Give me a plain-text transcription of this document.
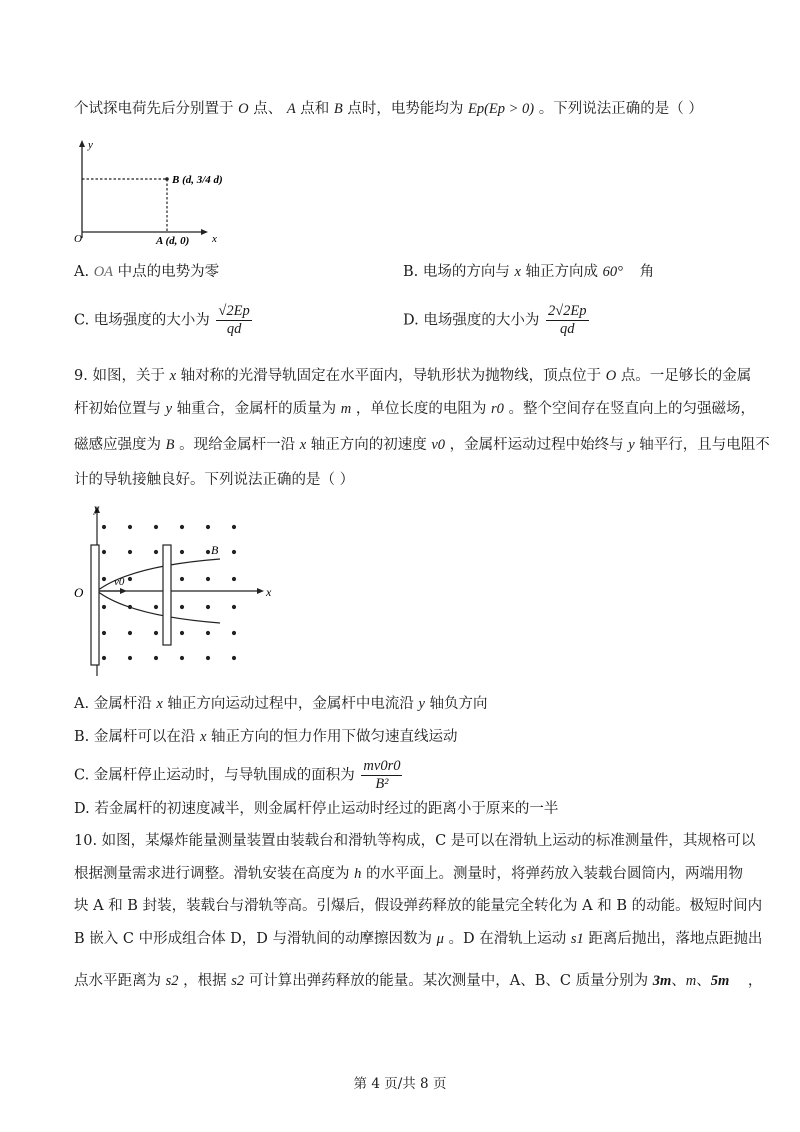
个试探电荷先后分别置于 O 点、 A 点和 B 点时，电势能均为 Ep(Ep > 0) 。下列说法正确的是（ ）
y
x
O
B (d, 3/4 d)
A (d, 0)
A. OA 中点的电势为零	B. 电场的方向与 x 轴正方向成 60° 角
C. 电场强度的大小为 $\frac{√2Ep}{qd}$	D. 电场强度的大小为 $\frac{2√2Ep}{qd}$
9. 如图，关于 x 轴对称的光滑导轨固定在水平面内，导轨形状为抛物线，顶点位于 O 点。一足够长的金属
杆初始位置与 y 轴重合，金属杆的质量为 m ，单位长度的电阻为 r0 。整个空间存在竖直向上的匀强磁场，
磁感应强度为 B 。现给金属杆一沿 x 轴正方向的初速度 v0 ，金属杆运动过程中始终与 y 轴平行，且与电阻不
计的导轨接触良好。下列说法正确的是（ ）
y
x
O
B
v0
A. 金属杆沿 x 轴正方向运动过程中，金属杆中电流沿 y 轴负方向
B. 金属杆可以在沿 x 轴正方向的恒力作用下做匀速直线运动
C. 金属杆停止运动时，与导轨围成的面积为 $\frac{mv0r0}{\text{B²}}$
D. 若金属杆的初速度减半，则金属杆停止运动时经过的距离小于原来的一半
10. 如图，某爆炸能量测量装置由装载台和滑轨等构成，C 是可以在滑轨上运动的标准测量件，其规格可以
根据测量需求进行调整。滑轨安装在高度为 h 的水平面上。测量时，将弹药放入装载台圆筒内，两端用物
块 A 和 B 封装，装载台与滑轨等高。引爆后，假设弹药释放的能量完全转化为 A 和 B 的动能。极短时间内
B 嵌入 C 中形成组合体 D，D 与滑轨间的动摩擦因数为 μ 。D 在滑轨上运动 s1 距离后抛出，落地点距抛出
点水平距离为 s2 ，根据 s2 可计算出弹药释放的能量。某次测量中，A、B、C 质量分别为 3m、m、5m ，
第 4 页/共 8 页
